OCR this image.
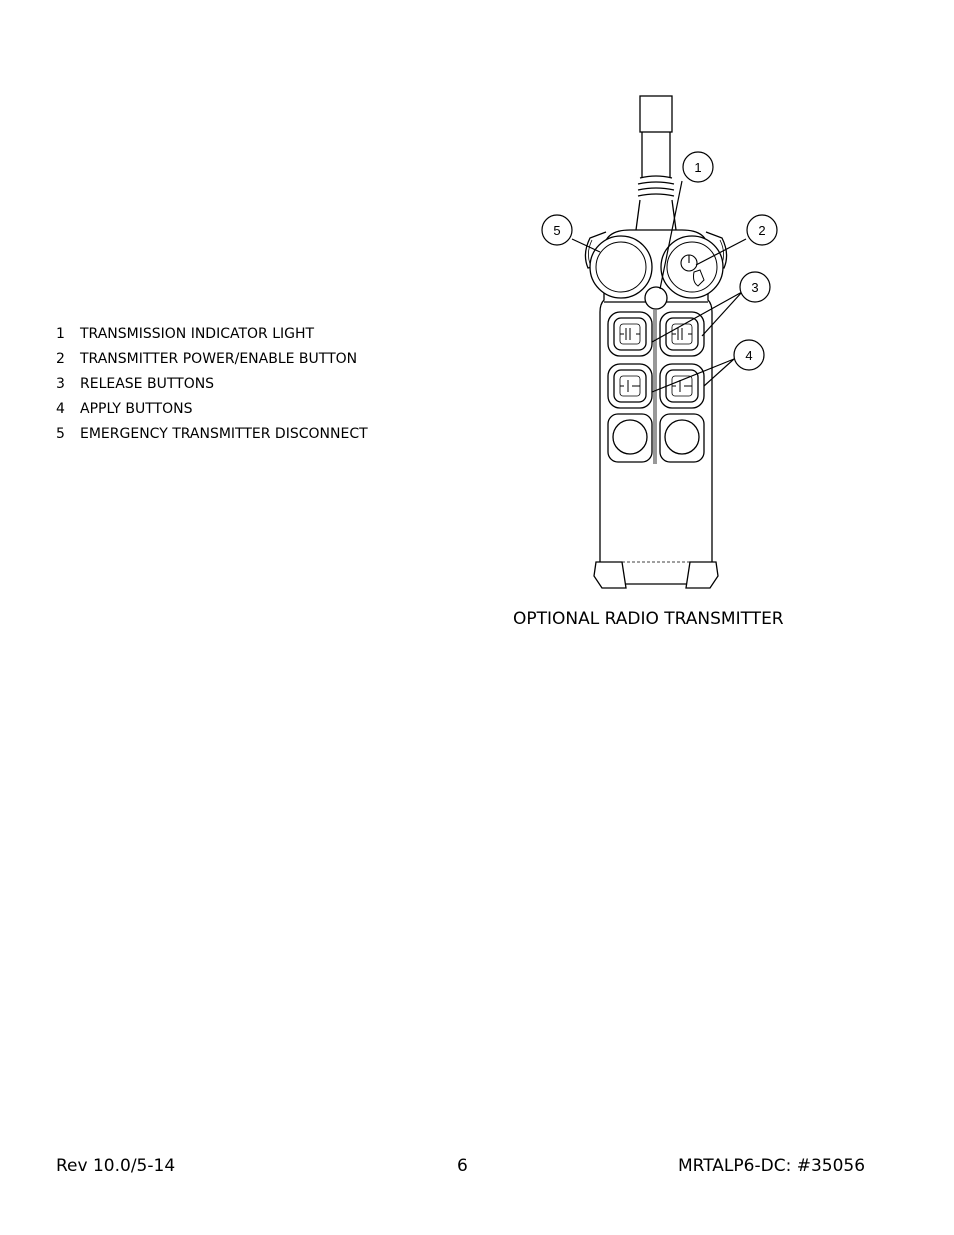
1	TRANSMISSION INDICATOR LIGHT
2	TRANSMITTER POWER/ENABLE BUTTON
3	RELEASE BUTTONS
4	APPLY BUTTONS
5	EMERGENCY TRANSMITTER DISCONNECT
1
2
3
4
5
OPTIONAL RADIO TRANSMITTER
Rev 10.0/5-14	6	MRTALP6-DC: #35056
